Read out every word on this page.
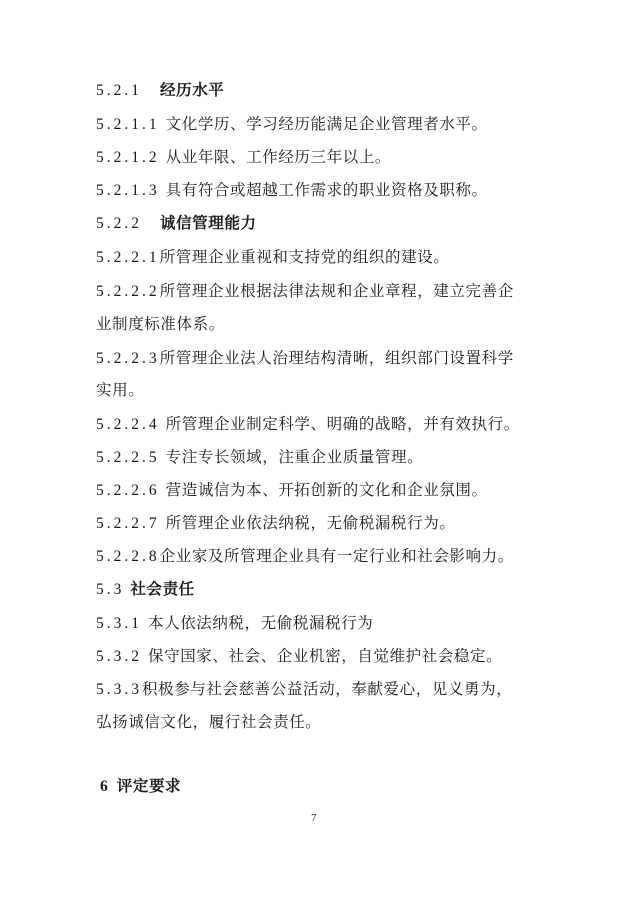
5.2.1 经历水平
5.2.1.1 文化学历、学习经历能满足企业管理者水平。
5.2.1.2 从业年限、工作经历三年以上。
5.2.1.3 具有符合或超越工作需求的职业资格及职称。
5.2.2 诚信管理能力
5.2.2.1所管理企业重视和支持党的组织的建设。
5.2.2.2所管理企业根据法律法规和企业章程，建立完善企
业制度标准体系。
5.2.2.3所管理企业法人治理结构清晰，组织部门设置科学
实用。
5.2.2.4 所管理企业制定科学、明确的战略，并有效执行。
5.2.2.5 专注专长领域，注重企业质量管理。
5.2.2.6 营造诚信为本、开拓创新的文化和企业氛围。
5.2.2.7 所管理企业依法纳税，无偷税漏税行为。
5.2.2.8企业家及所管理企业具有一定行业和社会影响力。
5.3 社会责任
5.3.1 本人依法纳税，无偷税漏税行为
5.3.2 保守国家、社会、企业机密，自觉维护社会稳定。
5.3.3积极参与社会慈善公益活动，奉献爱心，见义勇为，
弘扬诚信文化，履行社会责任。
6 评定要求
7
